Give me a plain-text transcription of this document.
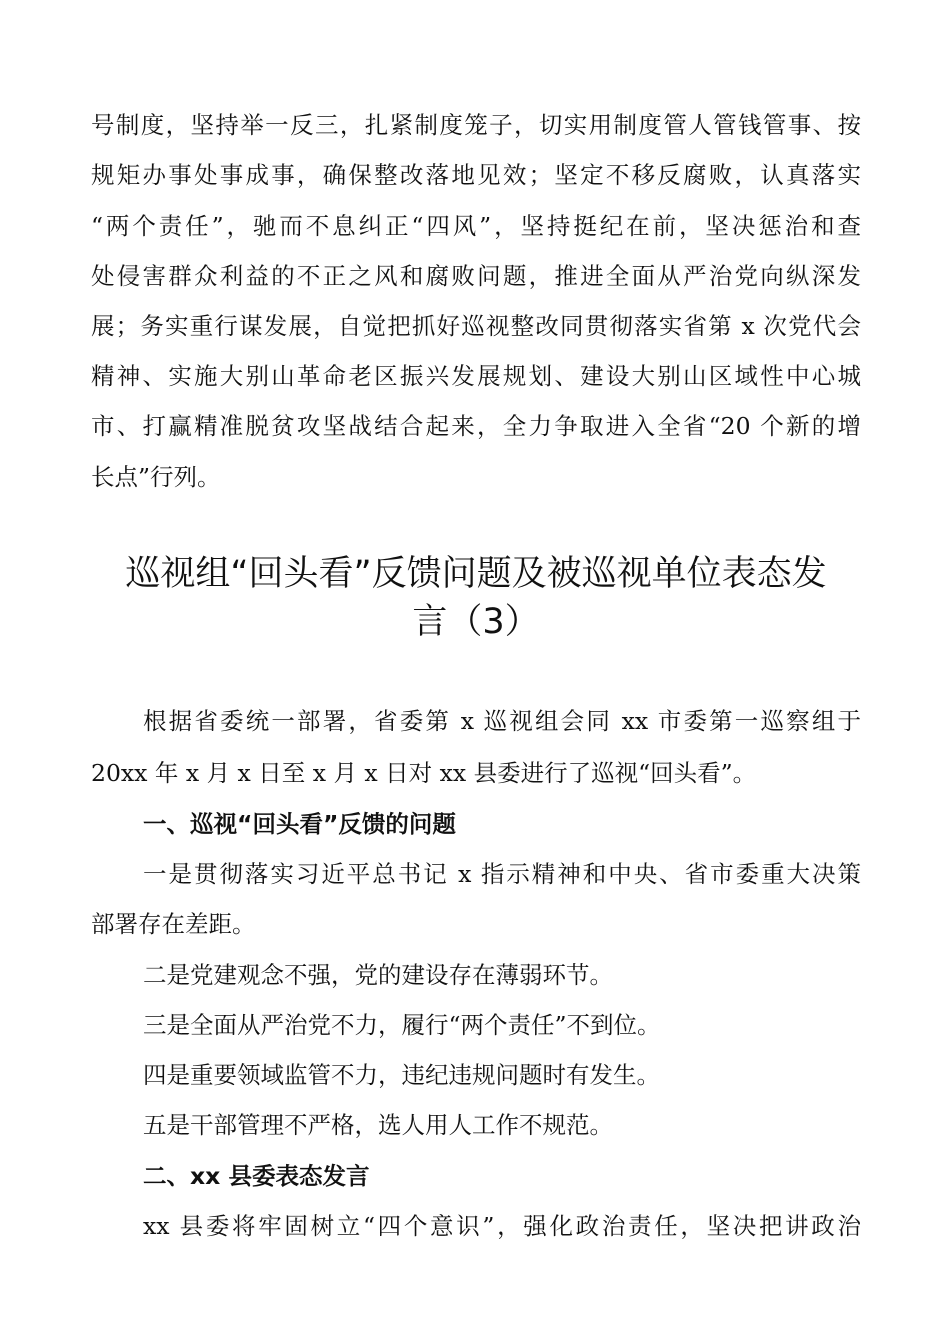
号制度，坚持举一反三，扎紧制度笼子，切实用制度管人管钱管事、按
规矩办事处事成事，确保整改落地见效；坚定不移反腐败，认真落实
“两个责任”，驰而不息纠正“四风”，坚持挺纪在前，坚决惩治和查
处侵害群众利益的不正之风和腐败问题，推进全面从严治党向纵深发
展；务实重行谋发展，自觉把抓好巡视整改同贯彻落实省第 x 次党代会
精神、实施大别山革命老区振兴发展规划、建设大别山区域性中心城
市、打赢精准脱贫攻坚战结合起来，全力争取进入全省“20 个新的增
长点”行列。
巡视组“回头看”反馈问题及被巡视单位表态发
言（3）
根据省委统一部署，省委第 x 巡视组会同 xx 市委第一巡察组于
20xx 年 x 月 x 日至 x 月 x 日对 xx 县委进行了巡视“回头看”。
一、巡视“回头看”反馈的问题
一是贯彻落实习近平总书记 x 指示精神和中央、省市委重大决策
部署存在差距。
二是党建观念不强，党的建设存在薄弱环节。
三是全面从严治党不力，履行“两个责任”不到位。
四是重要领域监管不力，违纪违规问题时有发生。
五是干部管理不严格，选人用人工作不规范。
二、xx 县委表态发言
xx 县委将牢固树立“四个意识”，强化政治责任，坚决把讲政治
